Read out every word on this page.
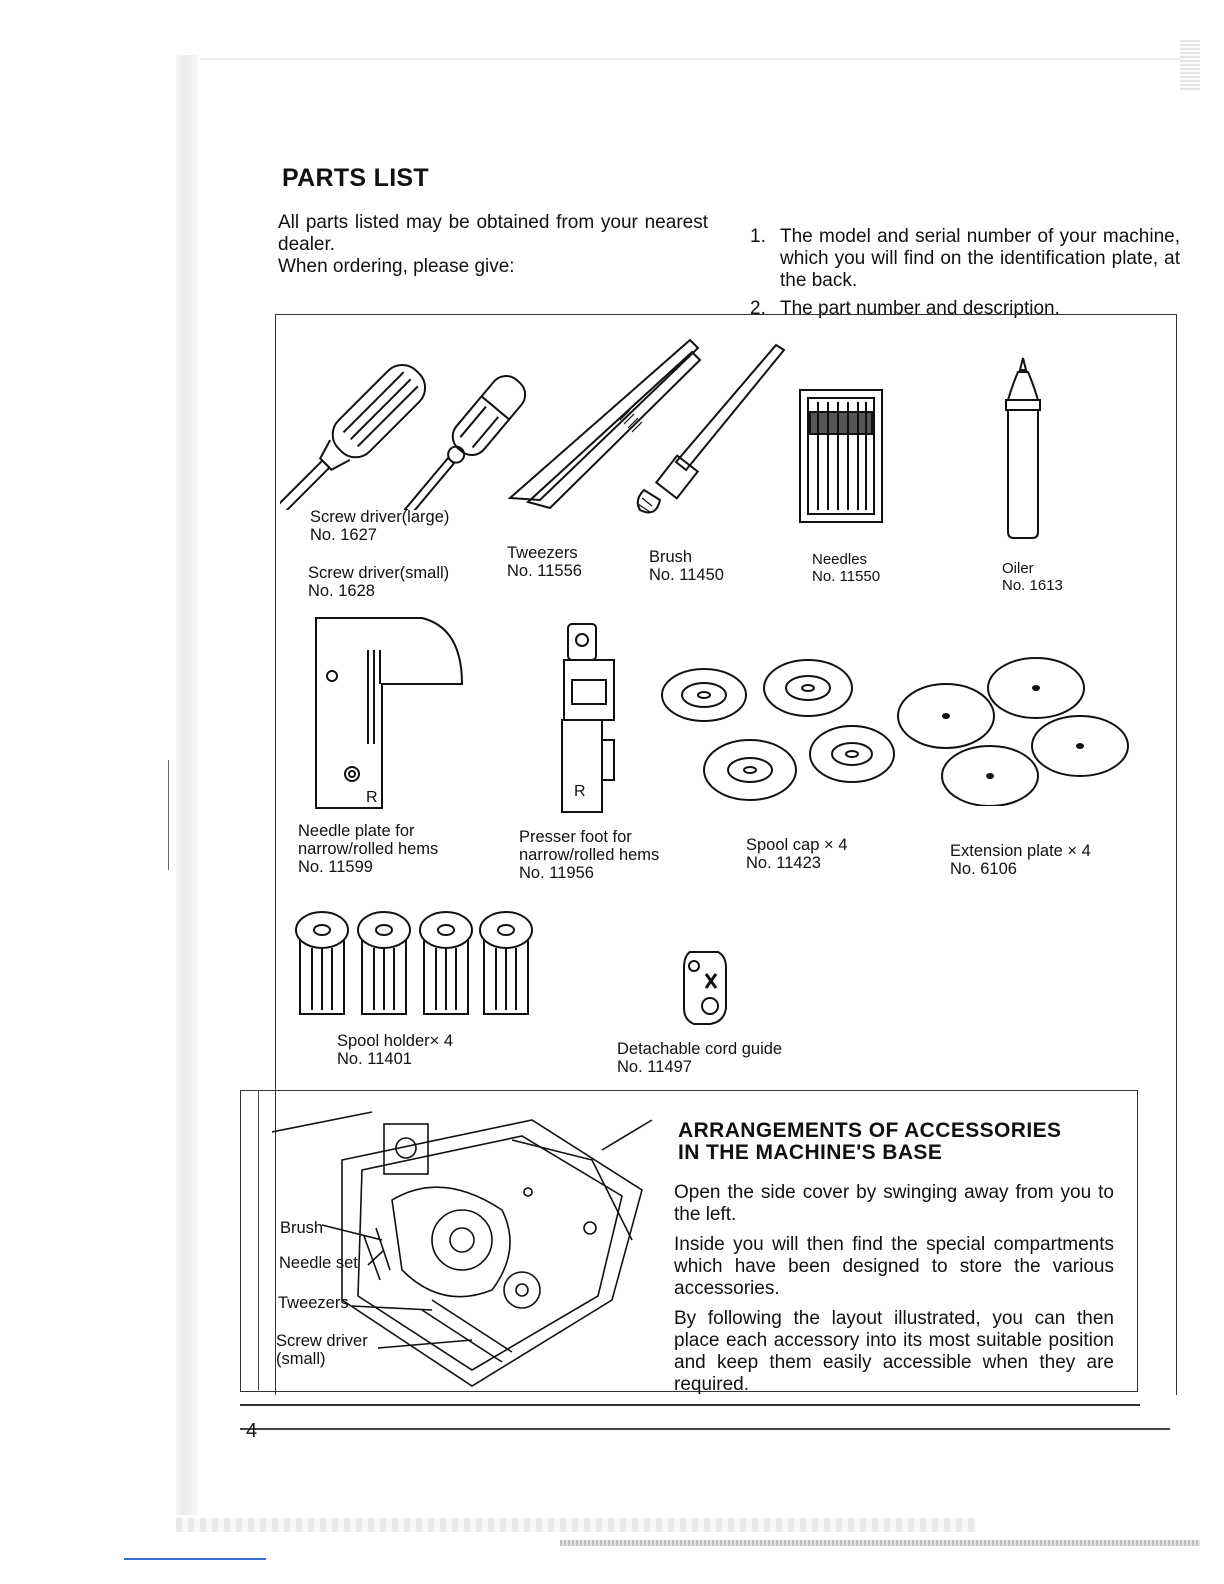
PARTS LIST

All parts listed may be obtained from your nearest dealer.

When ordering, please give:

1. The model and serial number of your machine, which you will find on the identification plate, at the back.
2. The part number and description.
Screw driver(large)
No. 1627
Screw driver(small)
No. 1628
Tweezers
No. 11556
Brush
No. 11450
Needles
No. 11550	Oiler
No. 1613
R	R
Needle plate for
narrow/rolled hems
No. 11599
Presser foot for
narrow/rolled hems
No. 11956
Spool cap × 4
No. 11423
Extension plate × 4
No. 6106
Spool holder× 4
No. 11401
Detachable cord guide
No. 11497
Brush
Needle set
Tweezers
Screw driver
(small)
ARRANGEMENTS OF ACCESSORIES
IN THE MACHINE'S BASE

Open the side cover by swinging away from you to the left.

Inside you will then find the special compartments which have been designed to store the various accessories.

By following the layout illustrated, you can then place each accessory into its most suitable position and keep them easily accessible when they are required.

4
